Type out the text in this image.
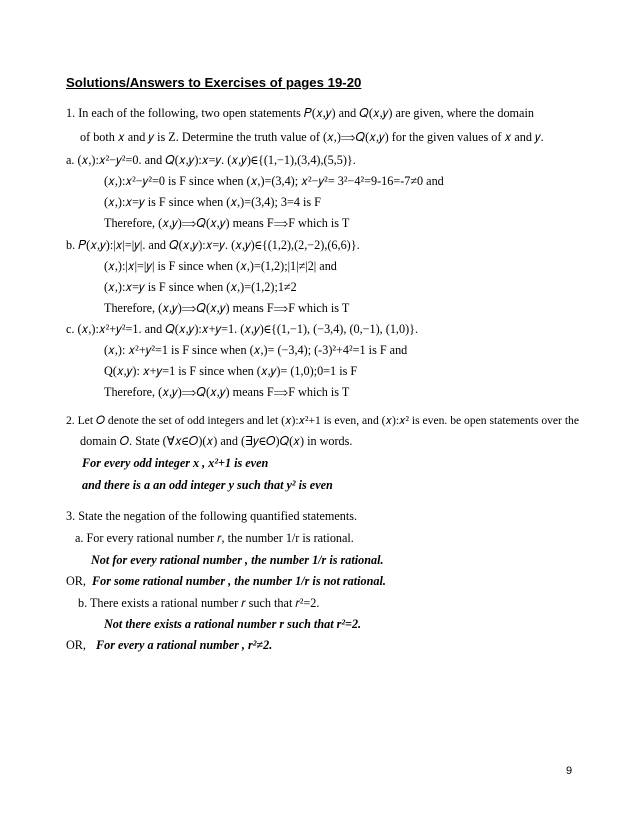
Solutions/Answers to Exercises of pages 19-20
1. In each of the following, two open statements 𝑃(𝑥,𝑦) and 𝑄(𝑥,𝑦) are given, where the domain
of both 𝑥 and 𝑦 is Z. Determine the truth value of (𝑥,)⟹𝑄(𝑥,𝑦) for the given values of 𝑥 and 𝑦.
a. (𝑥,):𝑥²−𝑦²=0. and 𝑄(𝑥,𝑦):𝑥=𝑦. (𝑥,𝑦)∈{(1,−1),(3,4),(5,5)}.
(𝑥,):𝑥²−𝑦²=0 is F since when (𝑥,)=(3,4); 𝑥²−𝑦²= 3²−4²=9-16=-7≠0 and
(𝑥,):𝑥=𝑦 is F since when (𝑥,)=(3,4); 3=4 is F
Therefore, (𝑥,𝑦)⟹𝑄(𝑥,𝑦) means F⟹F which is T
b. 𝑃(𝑥,𝑦):|𝑥|=|𝑦|. and 𝑄(𝑥,𝑦):𝑥=𝑦. (𝑥,𝑦)∈{(1,2),(2,−2),(6,6)}.
(𝑥,):|𝑥|=|𝑦| is F since when (𝑥,)=(1,2);|1|≠|2| and
(𝑥,):𝑥=𝑦 is F since when (𝑥,)=(1,2);1≠2
Therefore, (𝑥,𝑦)⟹𝑄(𝑥,𝑦) means F⟹F which is T
c. (𝑥,):𝑥²+𝑦²=1. and 𝑄(𝑥,𝑦):𝑥+𝑦=1. (𝑥,𝑦)∈{(1,−1), (−3,4), (0,−1), (1,0)}.
(𝑥,): 𝑥²+𝑦²=1 is F since when (𝑥,)= (−3,4); (-3)²+4²=1 is F and
Q(𝑥,𝑦): 𝑥+𝑦=1 is F since when (𝑥,𝑦)= (1,0);0=1 is F
Therefore, (𝑥,𝑦)⟹𝑄(𝑥,𝑦) means F⟹F which is T
2. Let 𝑂 denote the set of odd integers and let (𝑥):𝑥²+1 is even, and (𝑥):𝑥² is even. be open statements over the
domain 𝑂. State (∀𝑥∈𝑂)(𝑥) and (∃𝑦∈𝑂)𝑄(𝑥) in words.
For every odd integer x , x²+1 is even
and there is a an odd integer y such that y² is even
3. State the negation of the following quantified statements.
a. For every rational number 𝑟, the number 1/r is rational.
Not for every rational number , the number 1/r is rational.
OR, For some rational number , the number 1/r is not rational.
b. There exists a rational number 𝑟 such that 𝑟²=2.
Not there exists a rational number r such that r²=2.
OR, For every a rational number , r²≠2.
9
